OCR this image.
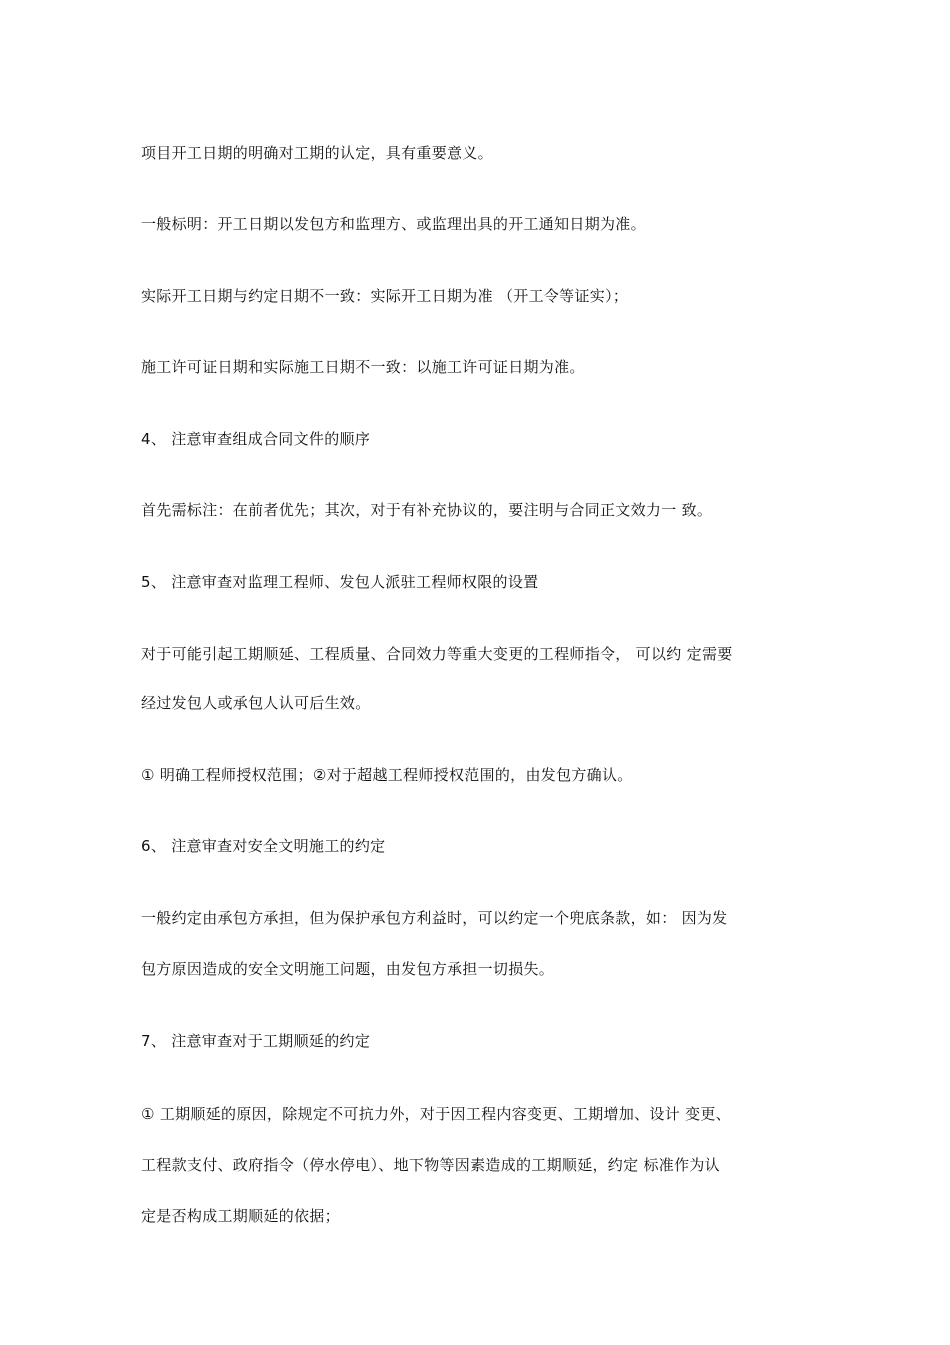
项目开工日期的明确对工期的认定，具有重要意义。
一般标明：开工日期以发包方和监理方、或监理出具的开工通知日期为准。
实际开工日期与约定日期不一致：实际开工日期为准 （开工令等证实）；
施工许可证日期和实际施工日期不一致：以施工许可证日期为准。
4、 注意审查组成合同文件的顺序
首先需标注：在前者优先；其次，对于有补充协议的，要注明与合同正文效力一 致。
5、 注意审查对监理工程师、发包人派驻工程师权限的设置
对于可能引起工期顺延、工程质量、合同效力等重大变更的工程师指令， 可以约 定需要
经过发包人或承包人认可后生效。
① 明确工程师授权范围；②对于超越工程师授权范围的，由发包方确认。
6、 注意审查对安全文明施工的约定
一般约定由承包方承担，但为保护承包方利益时，可以约定一个兜底条款，如： 因为发
包方原因造成的安全文明施工问题，由发包方承担一切损失。
7、 注意审查对于工期顺延的约定
① 工期顺延的原因，除规定不可抗力外，对于因工程内容变更、工期增加、设计 变更、
工程款支付、政府指令（停水停电）、地下物等因素造成的工期顺延，约定 标准作为认
定是否构成工期顺延的依据；
